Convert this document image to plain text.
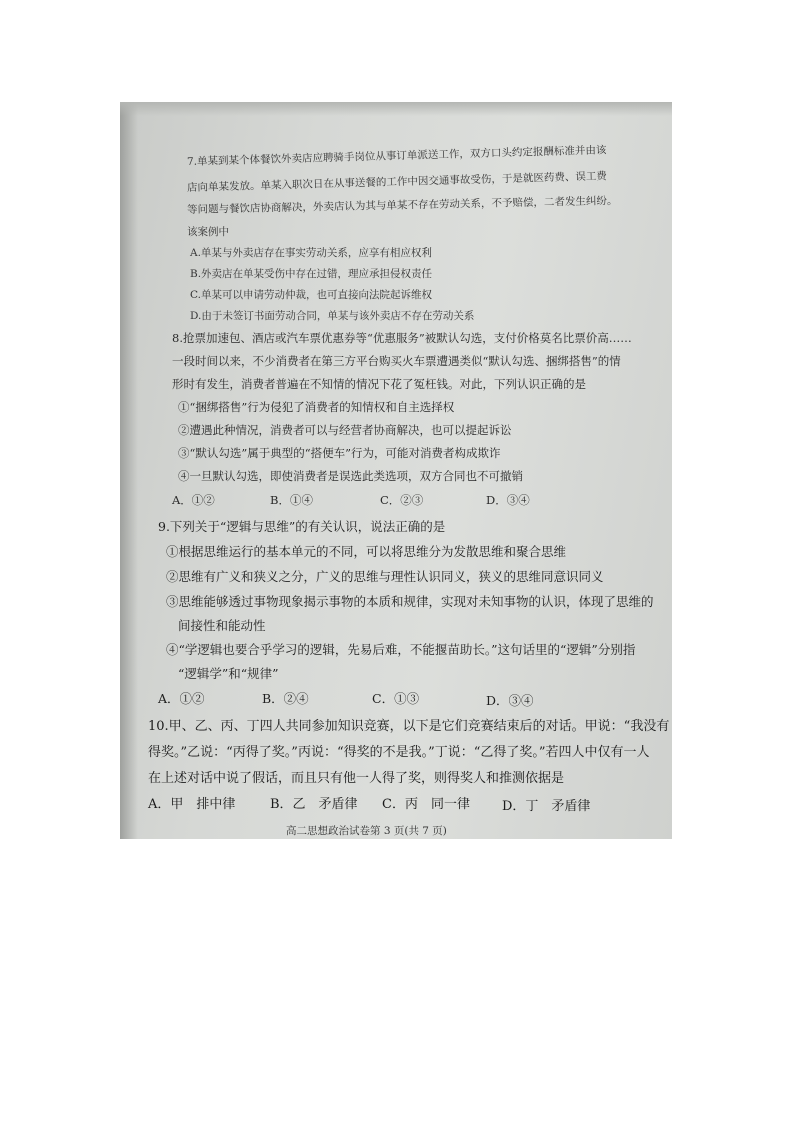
7.单某到某个体餐饮外卖店应聘骑手岗位从事订单派送工作，双方口头约定报酬标准并由该
店向单某发放。单某入职次日在从事送餐的工作中因交通事故受伤，于是就医药费、误工费
等问题与餐饮店协商解决，外卖店认为其与单某不存在劳动关系，不予赔偿，二者发生纠纷。
该案例中
A.单某与外卖店存在事实劳动关系，应享有相应权利
B.外卖店在单某受伤中存在过错，理应承担侵权责任
C.单某可以申请劳动仲裁，也可直接向法院起诉维权
D.由于未签订书面劳动合同，单某与该外卖店不存在劳动关系
8.抢票加速包、酒店或汽车票优惠券等“优惠服务”被默认勾选，支付价格莫名比票价高……
一段时间以来，不少消费者在第三方平台购买火车票遭遇类似“默认勾选、捆绑搭售”的情
形时有发生，消费者普遍在不知情的情况下花了冤枉钱。对此，下列认识正确的是
①“捆绑搭售”行为侵犯了消费者的知情权和自主选择权
②遭遇此种情况，消费者可以与经营者协商解决，也可以提起诉讼
③“默认勾选”属于典型的“搭便车”行为，可能对消费者构成欺诈
④一旦默认勾选，即使消费者是误选此类选项，双方合同也不可撤销
A．①②	B．①④	C．②③	D．③④
9.下列关于“逻辑与思维”的有关认识，说法正确的是
①根据思维运行的基本单元的不同，可以将思维分为发散思维和聚合思维
②思维有广义和狭义之分，广义的思维与理性认识同义，狭义的思维同意识同义
③思维能够透过事物现象揭示事物的本质和规律，实现对未知事物的认识，体现了思维的
间接性和能动性
④“学逻辑也要合乎学习的逻辑，先易后难，不能揠苗助长。”这句话里的“逻辑”分别指
“逻辑学”和“规律”
A．①②	B．②④	C．①③	D．③④
10.甲、乙、丙、丁四人共同参加知识竞赛，以下是它们竞赛结束后的对话。甲说：“我没有
得奖。”乙说：“丙得了奖。”丙说：“得奖的不是我。”丁说：“乙得了奖。”若四人中仅有一人
在上述对话中说了假话，而且只有他一人得了奖，则得奖人和推测依据是
A．甲　排中律	B．乙　矛盾律 C．丙　同一律 D．丁　矛盾律
高二思想政治试卷第 3 页(共 7 页)
